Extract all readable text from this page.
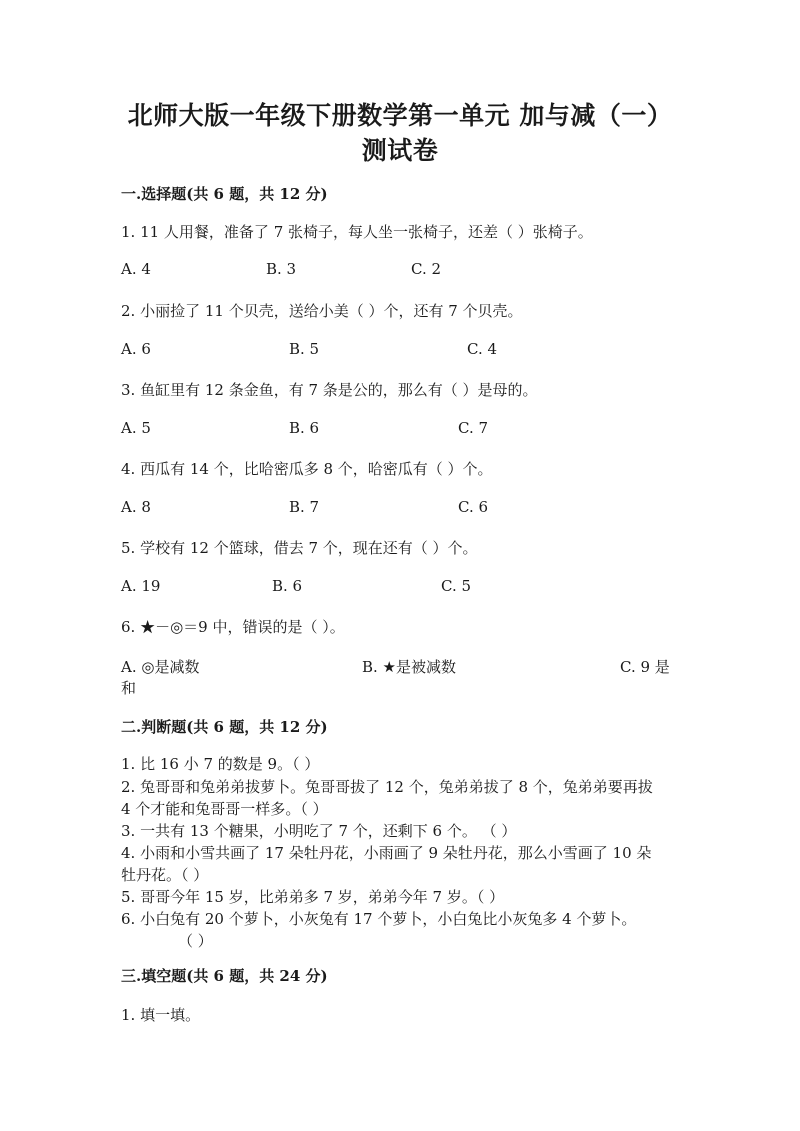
北师大版一年级下册数学第一单元 加与减（一）
测试卷
一.选择题(共 6 题，共 12 分)
1. 11 人用餐，准备了 7 张椅子，每人坐一张椅子，还差（ ）张椅子。
A. 4	B. 3	C. 2
2. 小丽捡了 11 个贝壳，送给小美（ ）个，还有 7 个贝壳。
A. 6	B. 5	C. 4
3. 鱼缸里有 12 条金鱼，有 7 条是公的，那么有（ ）是母的。
A. 5	B. 6	C. 7
4. 西瓜有 14 个，比哈密瓜多 8 个，哈密瓜有（ ）个。
A. 8	B. 7	C. 6
5. 学校有 12 个篮球，借去 7 个，现在还有（ ）个。
A. 19	B. 6	C. 5
6. ★－◎＝9 中，错误的是（ ）。
A. ◎是减数	B. ★是被减数	C. 9 是
和
二.判断题(共 6 题，共 12 分)
1. 比 16 小 7 的数是 9。（ ）
2. 兔哥哥和兔弟弟拔萝卜。兔哥哥拔了 12 个，兔弟弟拔了 8 个，兔弟弟要再拔
4 个才能和兔哥哥一样多。（ ）
3. 一共有 13 个糖果，小明吃了 7 个，还剩下 6 个。 （ ）
4. 小雨和小雪共画了 17 朵牡丹花，小雨画了 9 朵牡丹花，那么小雪画了 10 朵
牡丹花。（ ）
5. 哥哥今年 15 岁，比弟弟多 7 岁，弟弟今年 7 岁。（ ）
6. 小白兔有 20 个萝卜，小灰兔有 17 个萝卜，小白兔比小灰兔多 4 个萝卜。
（ ）
三.填空题(共 6 题，共 24 分)
1. 填一填。
